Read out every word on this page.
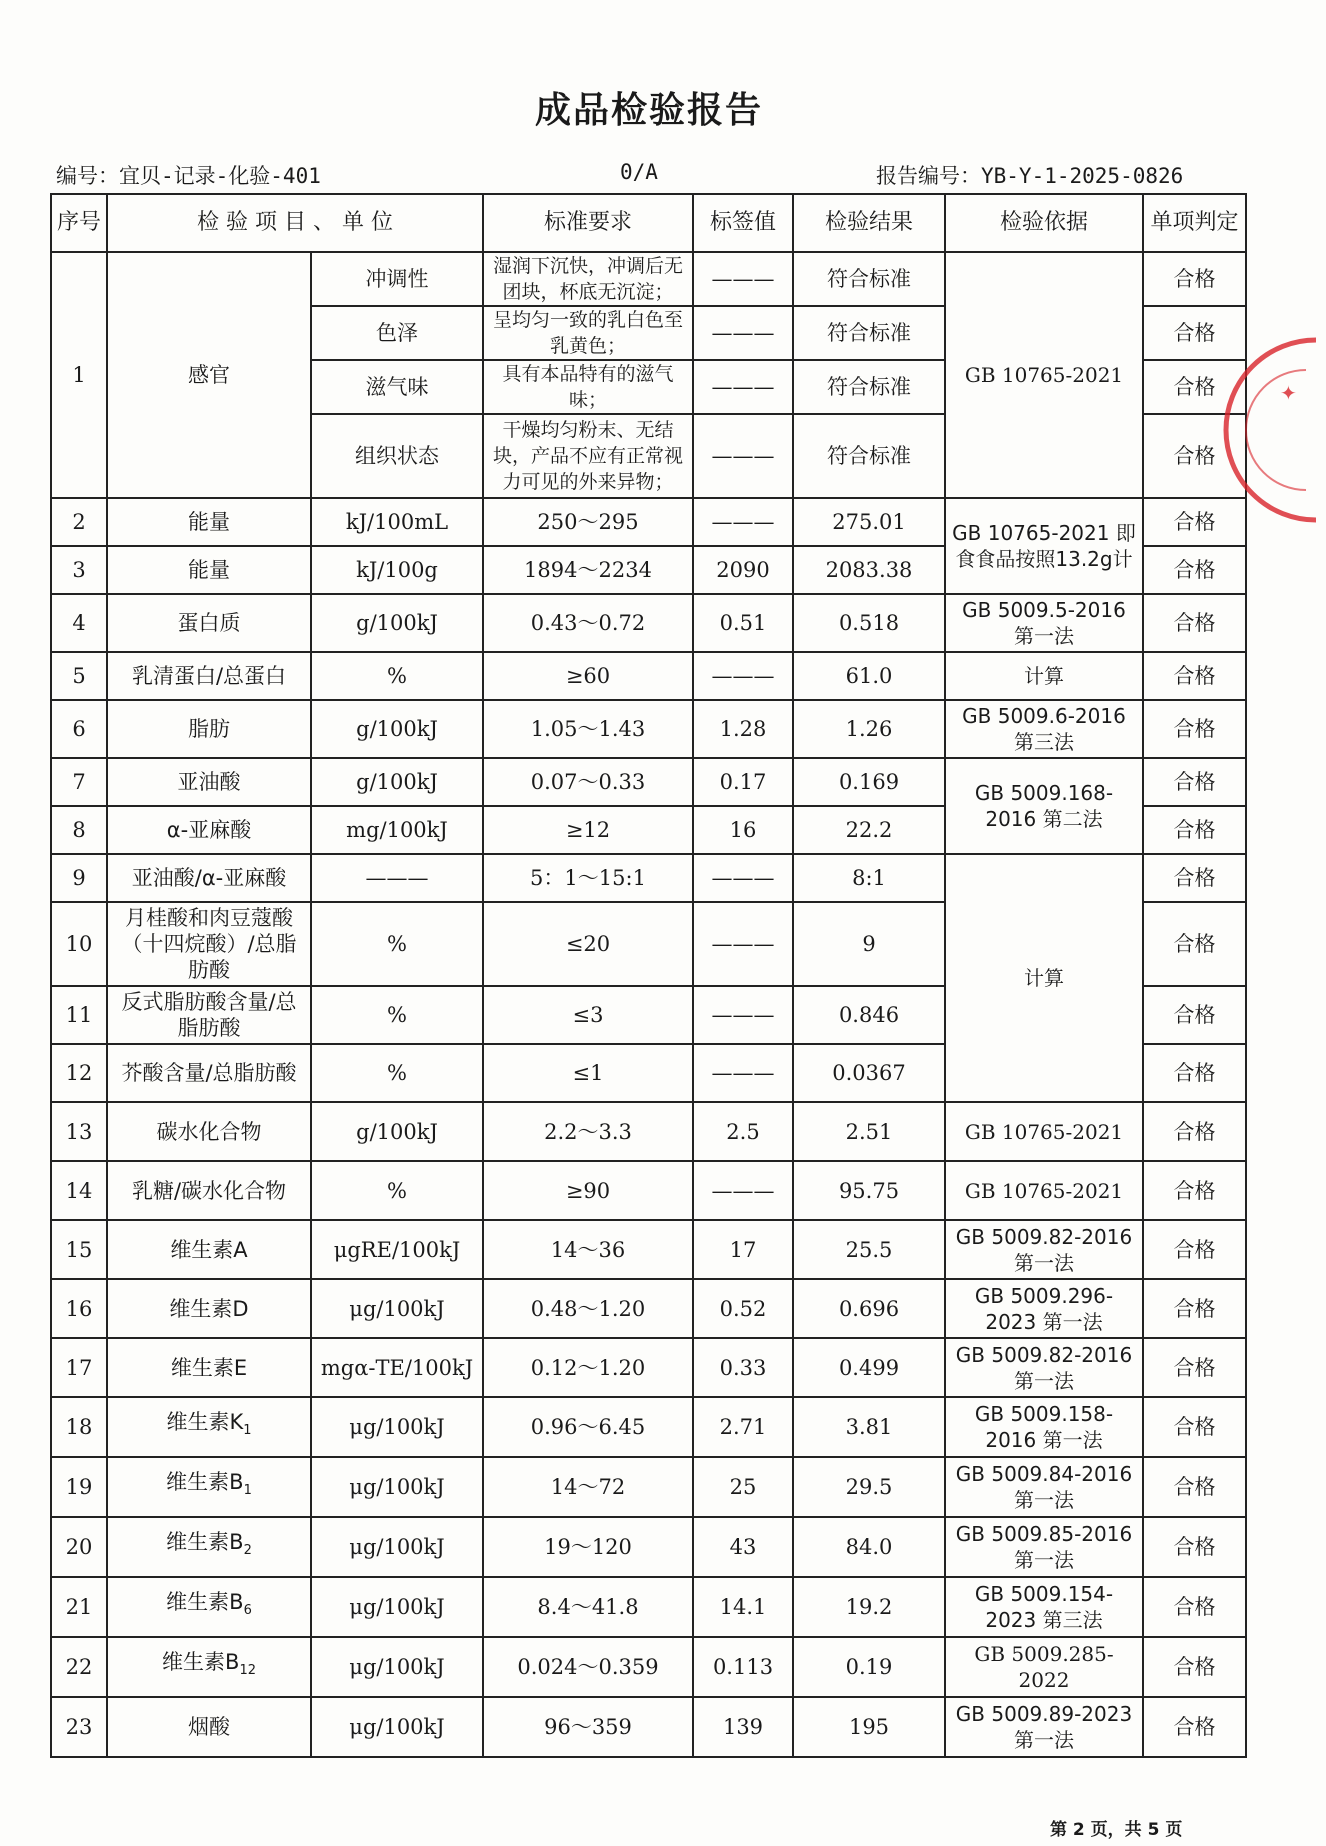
成品检验报告
编号：宜贝-记录-化验-401	0/A	报告编号：YB-Y-1-2025-0826
序号	检 验 项 目 、 单 位		标准要求	标签值	检验结果	检验依据	单项判定
1	感官	冲调性	湿润下沉快，冲调后无团块，杯底无沉淀；	———	符合标准	GB 10765-2021	合格
		色泽	呈均匀一致的乳白色至乳黄色；	———	符合标准		合格
		滋气味	具有本品特有的滋气味；	———	符合标准		合格
		组织状态	干燥均匀粉末、无结块，产品不应有正常视力可见的外来异物；	———	符合标准		合格
2	能量	kJ/100mL	250～295	———	275.01	GB 10765-2021 即食食品按照13.2g计	合格
3	能量	kJ/100g	1894～2234	2090	2083.38		合格
4	蛋白质	g/100kJ	0.43～0.72	0.51	0.518	GB 5009.5-2016 第一法	合格
5	乳清蛋白/总蛋白	%	≥60	———	61.0	计算	合格
6	脂肪	g/100kJ	1.05～1.43	1.28	1.26	GB 5009.6-2016 第三法	合格
7	亚油酸	g/100kJ	0.07～0.33	0.17	0.169	GB 5009.168-2016 第二法	合格
8	α-亚麻酸	mg/100kJ	≥12	16	22.2		合格
9	亚油酸/α-亚麻酸	———	5：1～15:1	———	8:1	计算	合格
10	月桂酸和肉豆蔻酸（十四烷酸）/总脂肪酸	%	≤20	———	9		合格
11	反式脂肪酸含量/总脂肪酸	%	≤3	———	0.846		合格
12	芥酸含量/总脂肪酸	%	≤1	———	0.0367		合格
13	碳水化合物	g/100kJ	2.2～3.3	2.5	2.51	GB 10765-2021	合格
14	乳糖/碳水化合物	%	≥90	———	95.75	GB 10765-2021	合格
15	维生素A	μgRE/100kJ	14～36	17	25.5	GB 5009.82-2016 第一法	合格
16	维生素D	μg/100kJ	0.48～1.20	0.52	0.696	GB 5009.296-2023 第一法	合格
17	维生素E	mgα-TE/100kJ	0.12～1.20	0.33	0.499	GB 5009.82-2016 第一法	合格
18	维生素$K_1$	μg/100kJ	0.96～6.45	2.71	3.81	GB 5009.158-2016 第一法	合格
19	维生素$B_1$	μg/100kJ	14～72	25	29.5	GB 5009.84-2016 第一法	合格
20	维生素$B_2$	μg/100kJ	19～120	43	84.0	GB 5009.85-2016 第一法	合格
21	维生素$B_6$	μg/100kJ	8.4～41.8	14.1	19.2	GB 5009.154-2023 第三法	合格
22	维生素$B_{12}$	μg/100kJ	0.024～0.359	0.113	0.19	GB 5009.285-2022	合格
23	烟酸	μg/100kJ	96～359	139	195	GB 5009.89-2023 第一法	合格
✦
第 2 页，共 5 页
